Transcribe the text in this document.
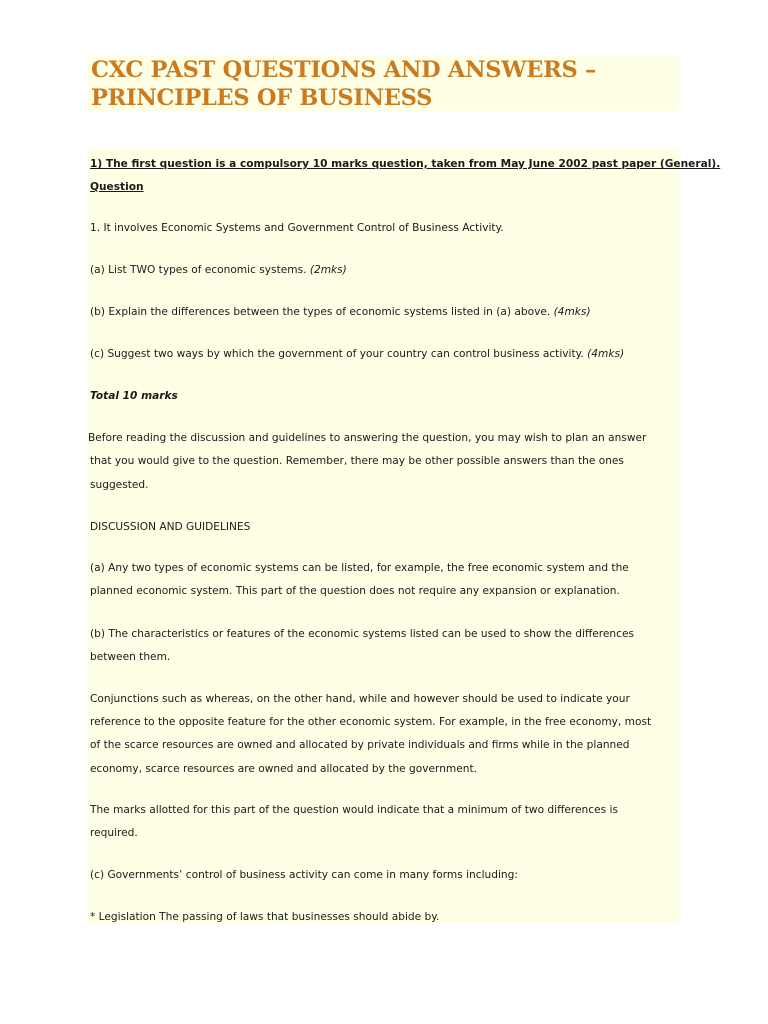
CXC PAST QUESTIONS AND ANSWERS –
PRINCIPLES OF BUSINESS
1) The first question is a compulsory 10 marks question, taken from May June 2002 past paper (General).
Question
1. It involves Economic Systems and Government Control of Business Activity.
(a) List TWO types of economic systems. (2mks)
(b) Explain the differences between the types of economic systems listed in (a) above. (4mks)
(c) Suggest two ways by which the government of your country can control business activity. (4mks)
Total 10 marks
Before reading the discussion and guidelines to answering the question, you may wish to plan an answer
that you would give to the question. Remember, there may be other possible answers than the ones
suggested.
DISCUSSION AND GUIDELINES
(a) Any two types of economic systems can be listed, for example, the free economic system and the
planned economic system. This part of the question does not require any expansion or explanation.
(b) The characteristics or features of the economic systems listed can be used to show the differences
between them.
Conjunctions such as whereas, on the other hand, while and however should be used to indicate your
reference to the opposite feature for the other economic system. For example, in the free economy, most
of the scarce resources are owned and allocated by private individuals and firms while in the planned
economy, scarce resources are owned and allocated by the government.
The marks allotted for this part of the question would indicate that a minimum of two differences is
required.
(c) Governments’ control of business activity can come in many forms including:
* Legislation The passing of laws that businesses should abide by.
